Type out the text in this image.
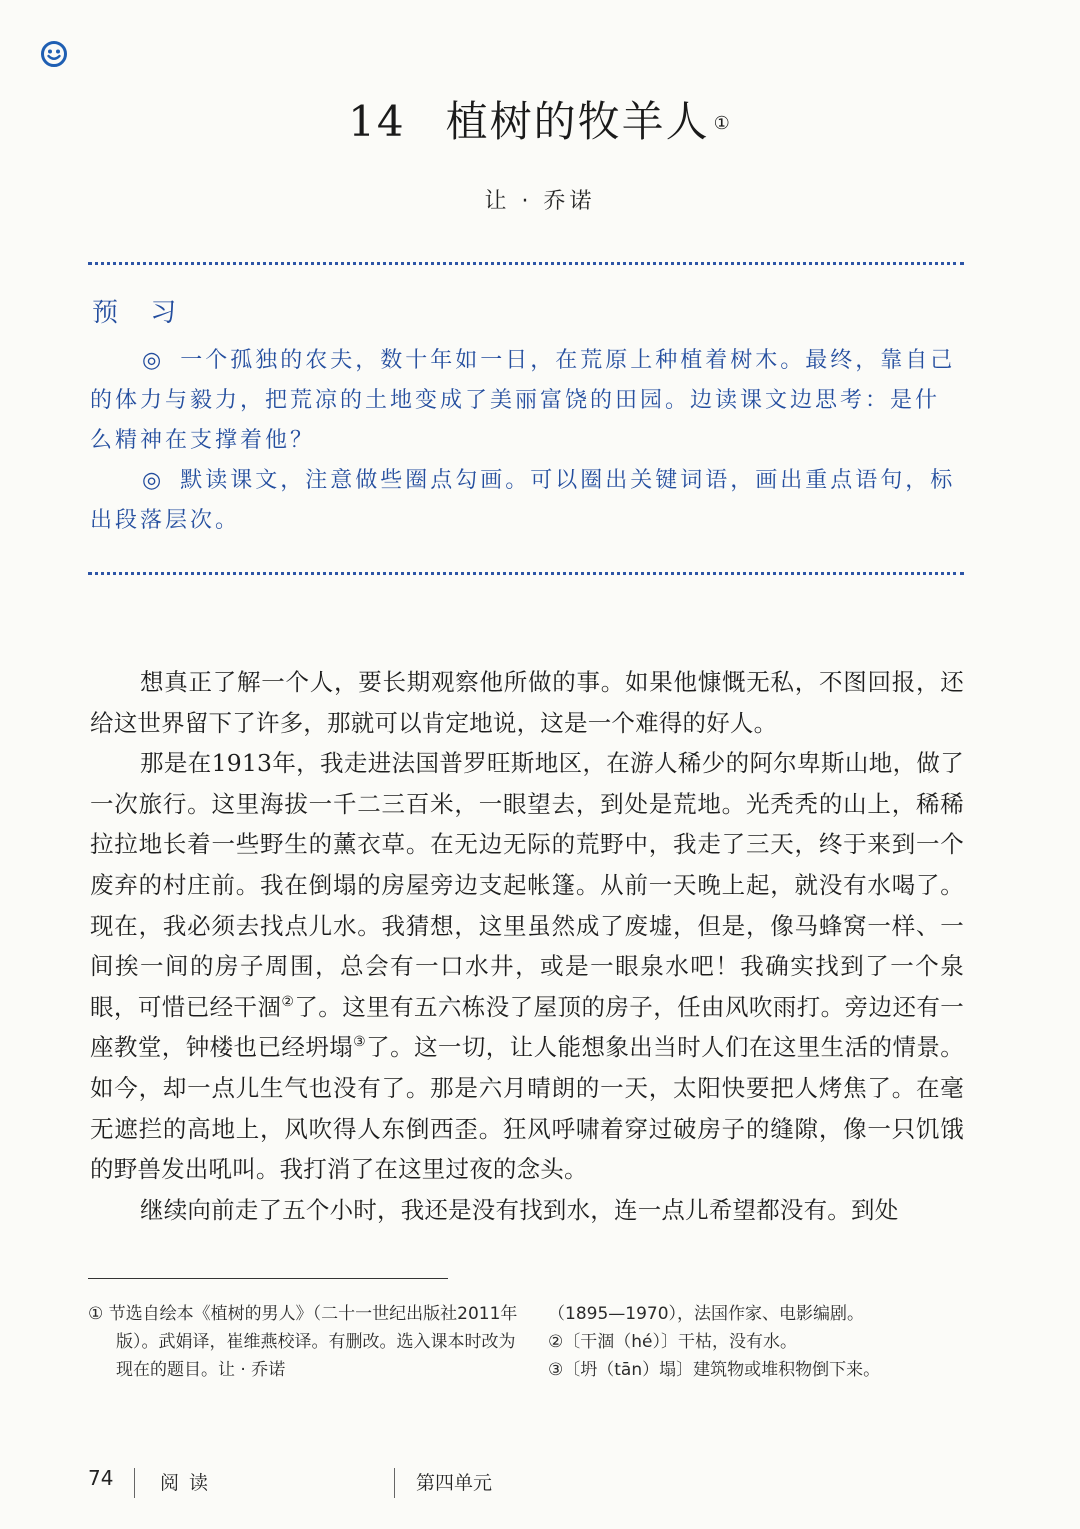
14 植树的牧羊人 ①
让 · 乔诺
预 习

◎ 一个孤独的农夫，数十年如一日，在荒原上种植着树木。最终，靠自己的体力与毅力，把荒凉的土地变成了美丽富饶的田园。边读课文边思考：是什么精神在支撑着他？

◎ 默读课文，注意做些圈点勾画。可以圈出关键词语，画出重点语句，标出段落层次。

想真正了解一个人，要长期观察他所做的事。如果他慷慨无私，不图回报，还给这世界留下了许多，那就可以肯定地说，这是一个难得的好人。

那是在1913年，我走进法国普罗旺斯地区，在游人稀少的阿尔卑斯山地，做了一次旅行。这里海拔一千二三百米，一眼望去，到处是荒地。光秃秃的山上，稀稀拉拉地长着一些野生的薰衣草。在无边无际的荒野中，我走了三天，终于来到一个废弃的村庄前。我在倒塌的房屋旁边支起帐篷。从前一天晚上起，就没有水喝了。现在，我必须去找点儿水。我猜想，这里虽然成了废墟，但是，像马蜂窝一样、一间挨一间的房子周围，总会有一口水井，或是一眼泉水吧！我确实找到了一个泉眼，可惜已经干涸②了。这里有五六栋没了屋顶的房子，任由风吹雨打。旁边还有一座教堂，钟楼也已经坍塌③了。这一切，让人能想象出当时人们在这里生活的情景。如今，却一点儿生气也没有了。那是六月晴朗的一天，太阳快要把人烤焦了。在毫无遮拦的高地上，风吹得人东倒西歪。狂风呼啸着穿过破房子的缝隙，像一只饥饿的野兽发出吼叫。我打消了在这里过夜的念头。

继续向前走了五个小时，我还是没有找到水，连一点儿希望都没有。到处

① 节选自绘本《植树的男人》（二十一世纪出版社2011年版）。武娟译，崔维燕校译。有删改。选入课本时改为现在的题目。让 · 乔诺

（1895—1970），法国作家、电影编剧。

②〔干涸（hé）〕干枯，没有水。

③〔坍（tān）塌〕建筑物或堆积物倒下来。

74 阅读	第四单元
